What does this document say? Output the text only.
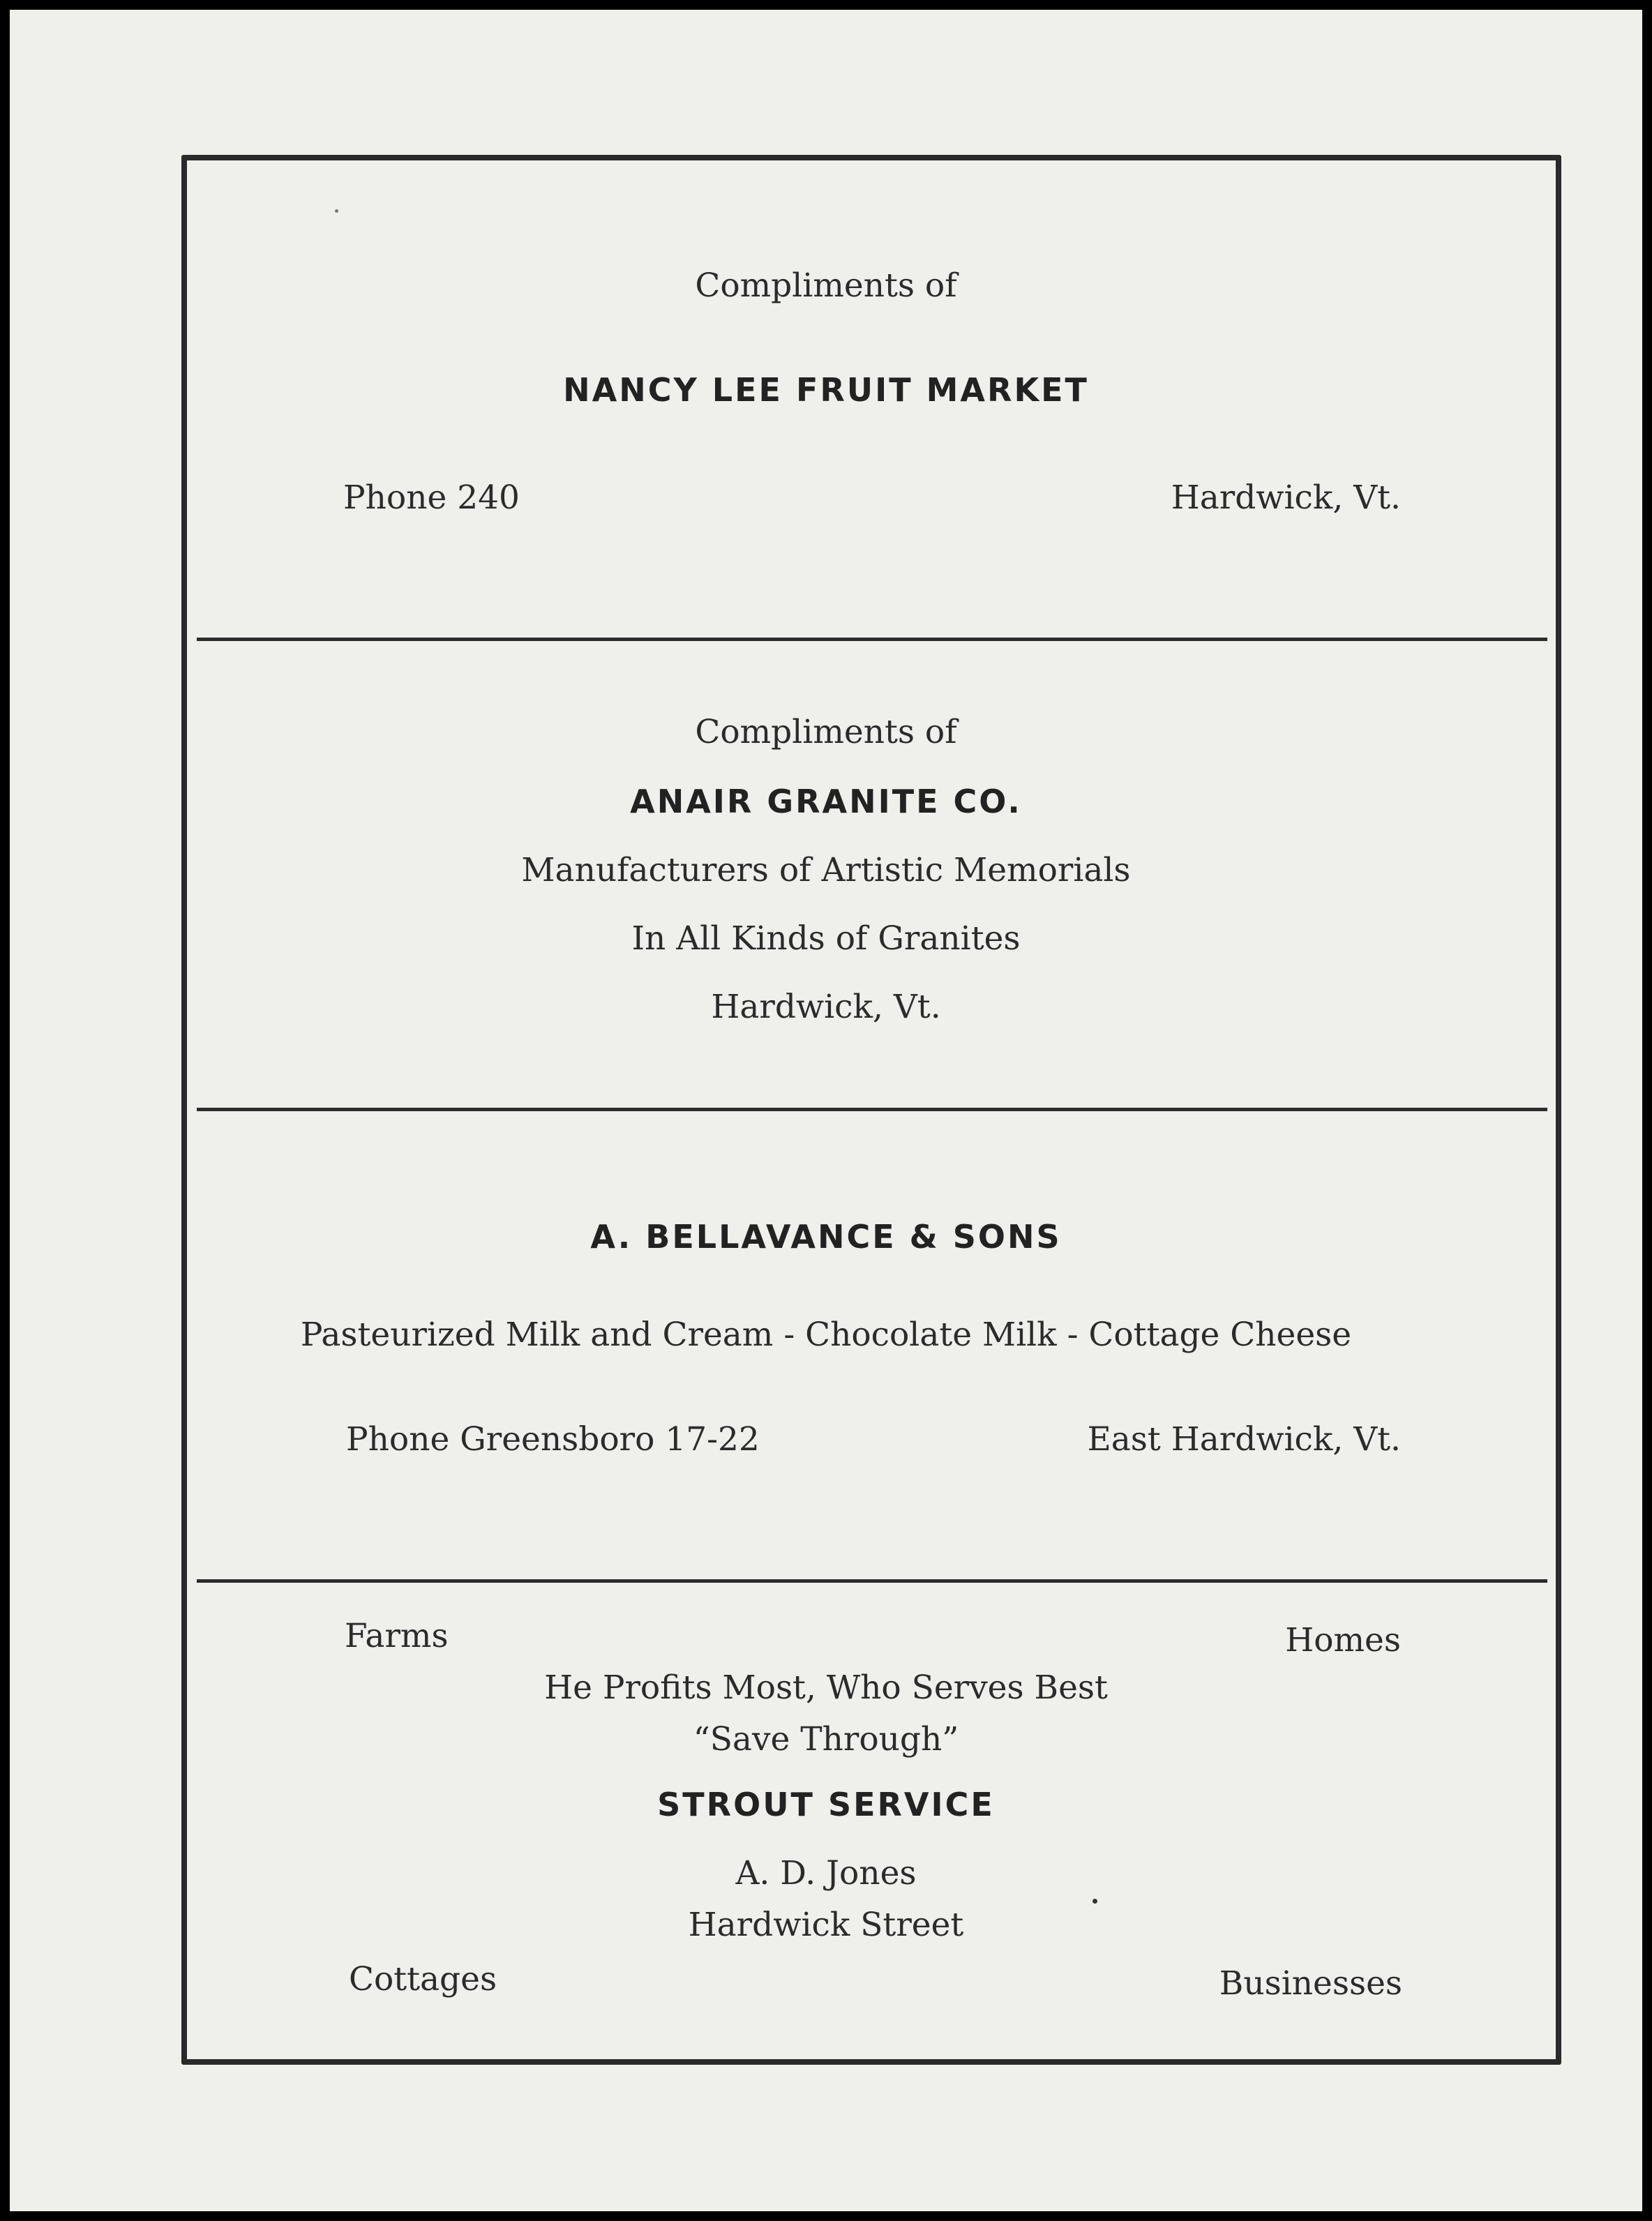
Compliments of
NANCY LEE FRUIT MARKET
Phone 240	Hardwick, Vt.
Compliments of
ANAIR GRANITE CO.
Manufacturers of Artistic Memorials
In All Kinds of Granites
Hardwick, Vt.
A. BELLAVANCE & SONS
Pasteurized Milk and Cream - Chocolate Milk - Cottage Cheese
Phone Greensboro 17-22	East Hardwick, Vt.
Farms	Homes
He Profits Most, Who Serves Best
“Save Through”
STROUT SERVICE
A. D. Jones
Hardwick Street
Cottages	Businesses
